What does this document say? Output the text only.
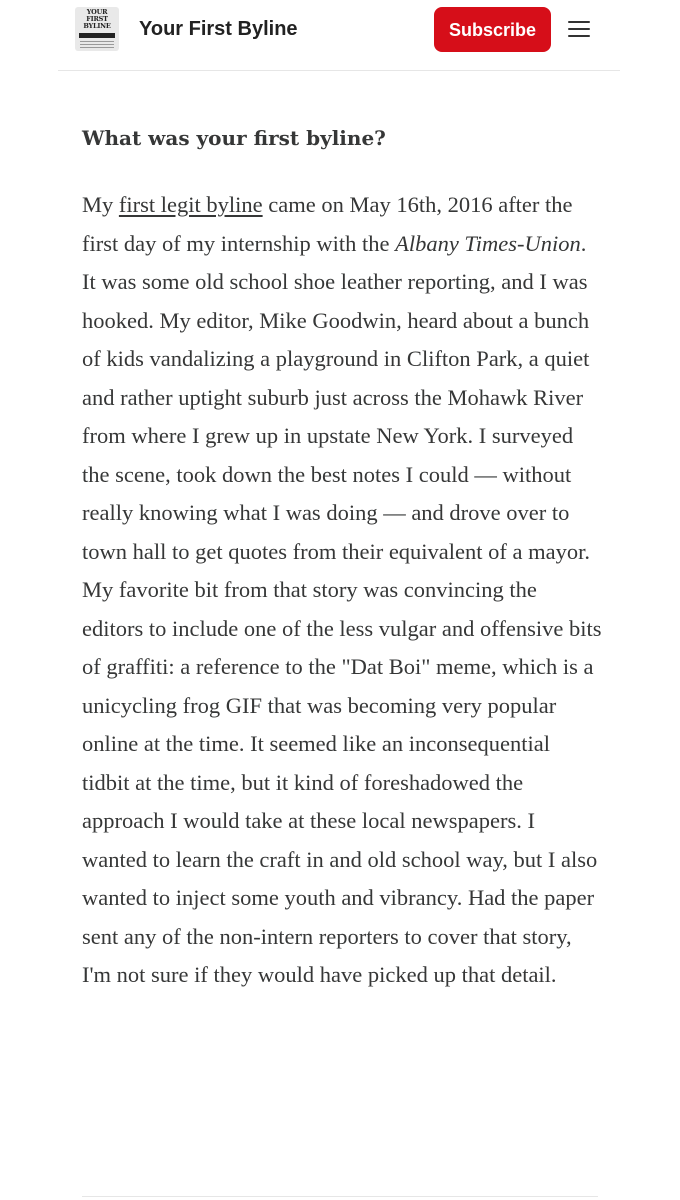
YOUR
FIRST BYLINE	Your First Byline	Subscribe
What was your first byline?

My first legit byline came on May 16th, 2016 after the first day of my internship with the Albany Times-Union. It was some old school shoe leather reporting, and I was hooked. My editor, Mike Goodwin, heard about a bunch of kids vandalizing a playground in Clifton Park, a quiet and rather uptight suburb just across the Mohawk River from where I grew up in upstate New York. I surveyed the scene, took down the best notes I could — without really knowing what I was doing — and drove over to town hall to get quotes from their equivalent of a mayor. My favorite bit from that story was convincing the editors to include one of the less vulgar and offensive bits of graffiti: a reference to the "Dat Boi" meme, which is a unicycling frog GIF that was becoming very popular online at the time. It seemed like an inconsequential tidbit at the time, but it kind of foreshadowed the approach I would take at these local newspapers. I wanted to learn the craft in and old school way, but I also wanted to inject some youth and vibrancy. Had the paper sent any of the non-intern reporters to cover that story, I'm not sure if they would have picked up that detail.
